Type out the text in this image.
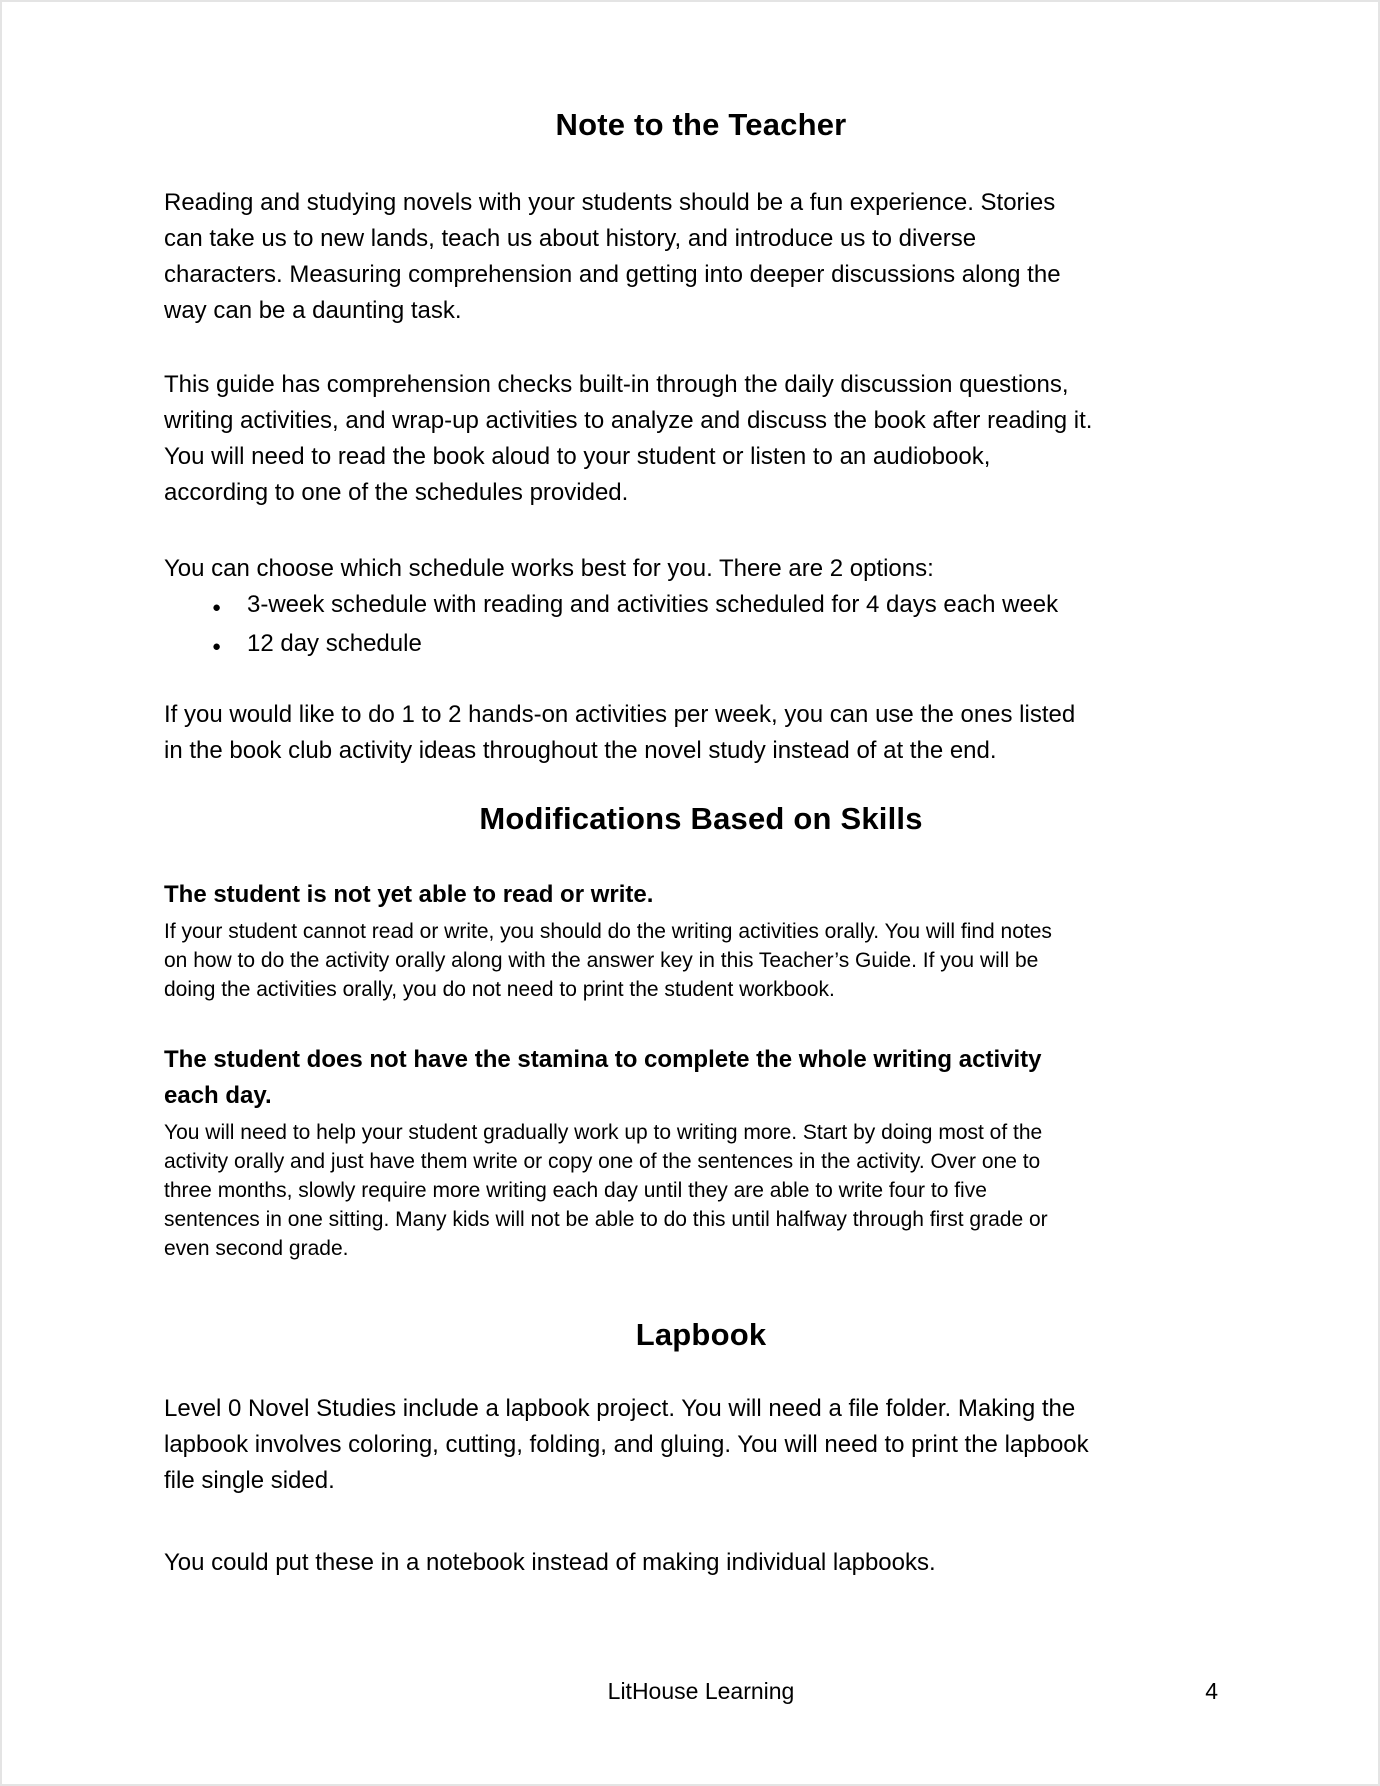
Note to the Teacher
Reading and studying novels with your students should be a fun experience. Stories
can take us to new lands, teach us about history, and introduce us to diverse
characters. Measuring comprehension and getting into deeper discussions along the
way can be a daunting task.
This guide has comprehension checks built-in through the daily discussion questions,
writing activities, and wrap-up activities to analyze and discuss the book after reading it.
You will need to read the book aloud to your student or listen to an audiobook,
according to one of the schedules provided.
You can choose which schedule works best for you. There are 2 options:
●	3-week schedule with reading and activities scheduled for 4 days each week
●	12 day schedule
If you would like to do 1 to 2 hands-on activities per week, you can use the ones listed
in the book club activity ideas throughout the novel study instead of at the end.
Modifications Based on Skills
The student is not yet able to read or write.
If your student cannot read or write, you should do the writing activities orally. You will find notes
on how to do the activity orally along with the answer key in this Teacher’s Guide. If you will be
doing the activities orally, you do not need to print the student workbook.
The student does not have the stamina to complete the whole writing activity
each day.
You will need to help your student gradually work up to writing more. Start by doing most of the
activity orally and just have them write or copy one of the sentences in the activity. Over one to
three months, slowly require more writing each day until they are able to write four to five
sentences in one sitting. Many kids will not be able to do this until halfway through first grade or
even second grade.
Lapbook
Level 0 Novel Studies include a lapbook project. You will need a file folder. Making the
lapbook involves coloring, cutting, folding, and gluing. You will need to print the lapbook
file single sided.
You could put these in a notebook instead of making individual lapbooks.
LitHouse Learning	4
